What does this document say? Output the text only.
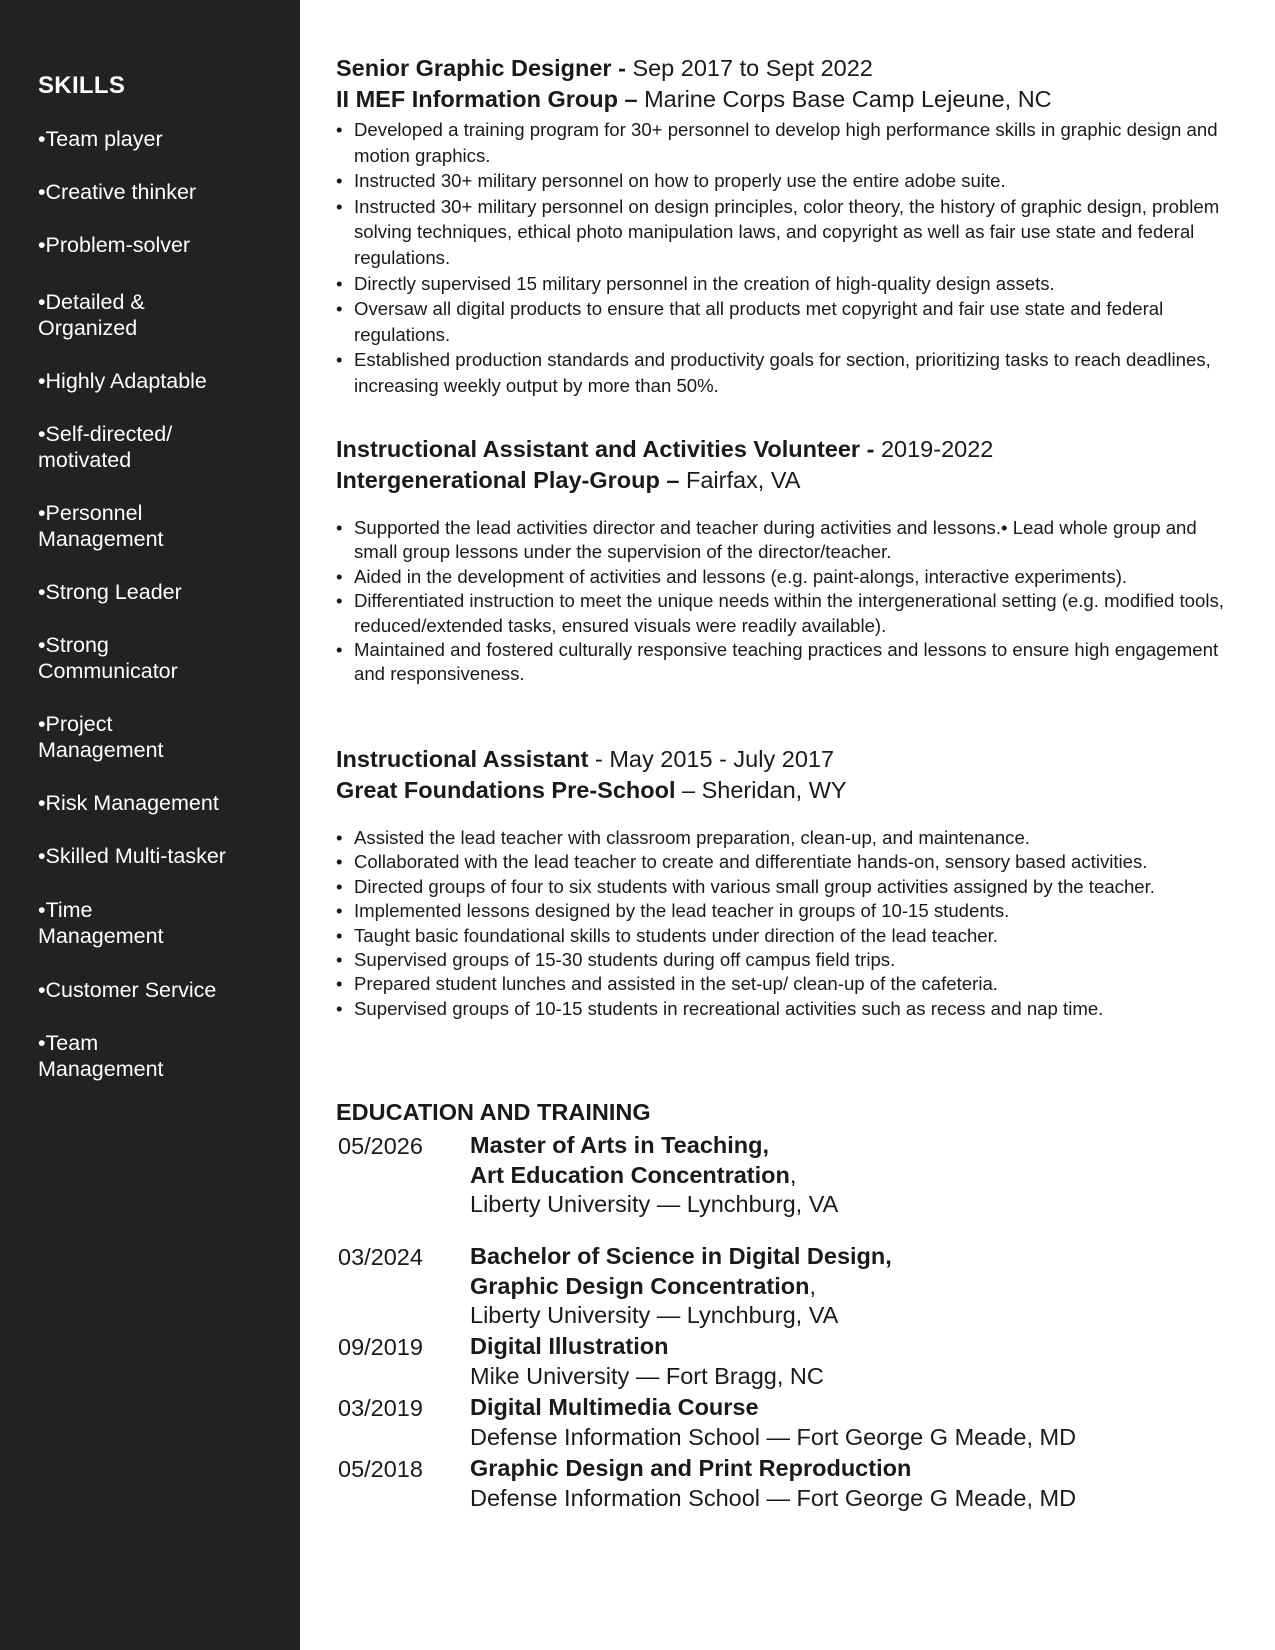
SKILLS
•Team player
•Creative thinker
•Problem-solver
•Detailed & Organized
•Highly Adaptable
•Self-directed/ motivated
•Personnel Management
•Strong Leader
•Strong Communicator
•Project Management
•Risk Management
•Skilled Multi-tasker
•Time Management
•Customer Service
•Team Management
Senior Graphic Designer - Sep 2017 to Sept 2022
II MEF Information Group – Marine Corps Base Camp Lejeune, NC
• Developed a training program for 30+ personnel to develop high performance skills in graphic design and motion graphics.
• Instructed 30+ military personnel on how to properly use the entire adobe suite.
• Instructed 30+ military personnel on design principles, color theory, the history of graphic design, problem solving techniques, ethical photo manipulation laws, and copyright as well as fair use state and federal regulations.
• Directly supervised 15 military personnel in the creation of high-quality design assets.
• Oversaw all digital products to ensure that all products met copyright and fair use state and federal regulations.
• Established production standards and productivity goals for section, prioritizing tasks to reach deadlines, increasing weekly output by more than 50%.
Instructional Assistant and Activities Volunteer - 2019-2022
Intergenerational Play-Group – Fairfax, VA
• Supported the lead activities director and teacher during activities and lessons.• Lead whole group and small group lessons under the supervision of the director/teacher.
• Aided in the development of activities and lessons (e.g. paint-alongs, interactive experiments).
• Differentiated instruction to meet the unique needs within the intergenerational setting (e.g. modified tools, reduced/extended tasks, ensured visuals were readily available).
• Maintained and fostered culturally responsive teaching practices and lessons to ensure high engagement and responsiveness.
Instructional Assistant - May 2015 - July 2017
Great Foundations Pre-School – Sheridan, WY
• Assisted the lead teacher with classroom preparation, clean-up, and maintenance.
• Collaborated with the lead teacher to create and differentiate hands-on, sensory based activities.
• Directed groups of four to six students with various small group activities assigned by the teacher.
• Implemented lessons designed by the lead teacher in groups of 10-15 students.
• Taught basic foundational skills to students under direction of the lead teacher.
• Supervised groups of 15-30 students during off campus field trips.
• Prepared student lunches and assisted in the set-up/ clean-up of the cafeteria.
• Supervised groups of 10-15 students in recreational activities such as recess and nap time.
EDUCATION AND TRAINING
05/2026 Master of Arts in Teaching,
Art Education Concentration,
Liberty University — Lynchburg, VA
03/2024 Bachelor of Science in Digital Design,
Graphic Design Concentration,
Liberty University — Lynchburg, VA
09/2019 Digital Illustration
Mike University — Fort Bragg, NC
03/2019 Digital Multimedia Course
Defense Information School — Fort George G Meade, MD
05/2018 Graphic Design and Print Reproduction
Defense Information School — Fort George G Meade, MD
